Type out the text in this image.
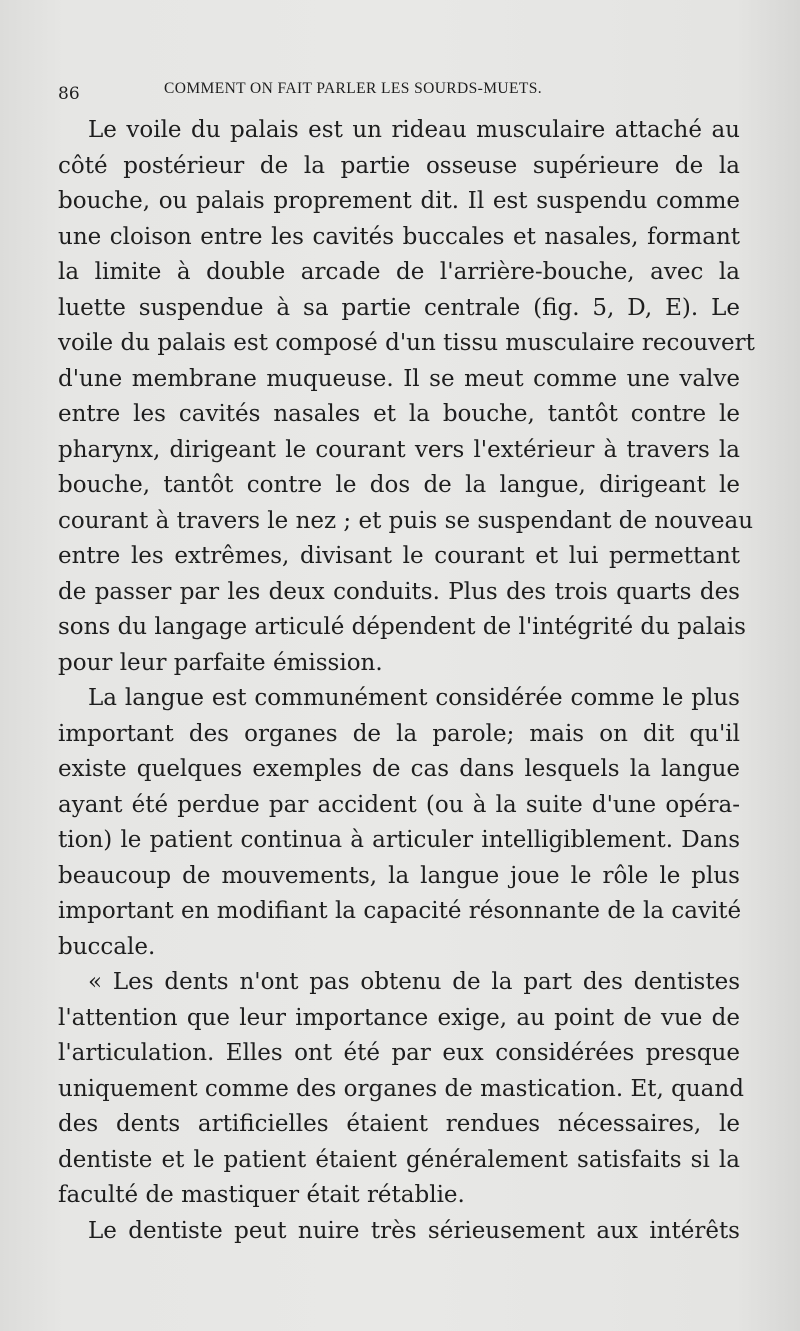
86	COMMENT ON FAIT PARLER LES SOURDS-MUETS.
Le voile du palais est un rideau musculaire attaché au
côté postérieur de la partie osseuse supérieure de la
bouche, ou palais proprement dit. Il est suspendu comme
une cloison entre les cavités buccales et nasales, formant
la limite à double arcade de l'arrière-bouche, avec la
luette suspendue à sa partie centrale (fig. 5, D, E). Le
voile du palais est composé d'un tissu musculaire recouvert
d'une membrane muqueuse. Il se meut comme une valve
entre les cavités nasales et la bouche, tantôt contre le
pharynx, dirigeant le courant vers l'extérieur à travers la
bouche, tantôt contre le dos de la langue, dirigeant le
courant à travers le nez ; et puis se suspendant de nouveau
entre les extrêmes, divisant le courant et lui permettant
de passer par les deux conduits. Plus des trois quarts des
sons du langage articulé dépendent de l'intégrité du palais
pour leur parfaite émission.
La langue est communément considérée comme le plus
important des organes de la parole; mais on dit qu'il
existe quelques exemples de cas dans lesquels la langue
ayant été perdue par accident (ou à la suite d'une opéra-
tion) le patient continua à articuler intelligiblement. Dans
beaucoup de mouvements, la langue joue le rôle le plus
important en modifiant la capacité résonnante de la cavité
buccale.
« Les dents n'ont pas obtenu de la part des dentistes
l'attention que leur importance exige, au point de vue de
l'articulation. Elles ont été par eux considérées presque
uniquement comme des organes de mastication. Et, quand
des dents artificielles étaient rendues nécessaires, le
dentiste et le patient étaient généralement satisfaits si la
faculté de mastiquer était rétablie.
Le dentiste peut nuire très sérieusement aux intérêts
